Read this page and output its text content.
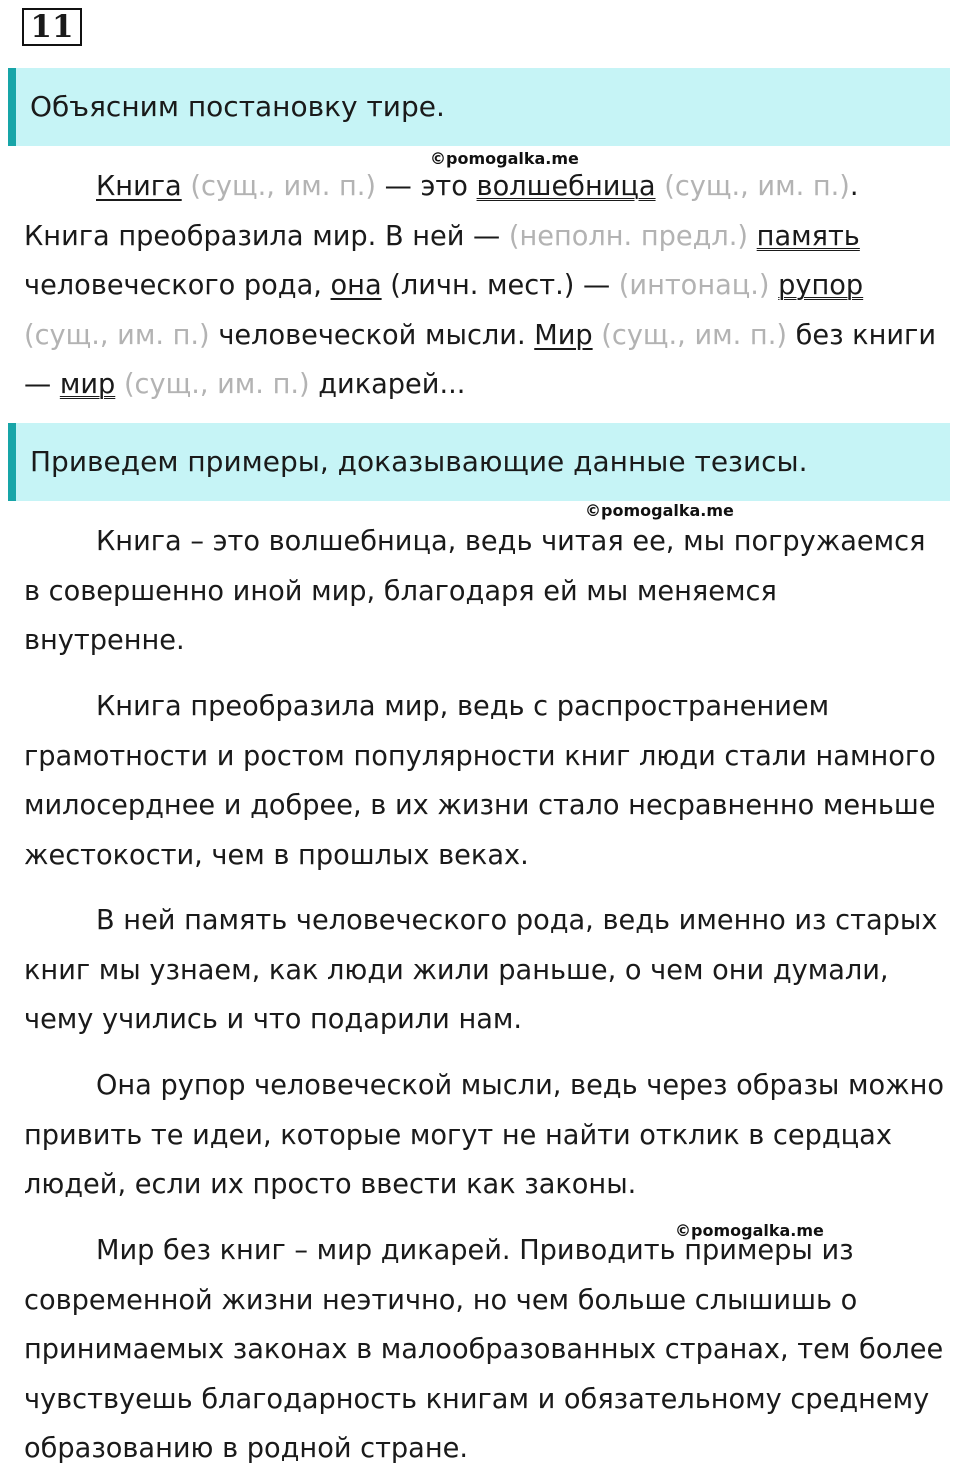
11
Объясним постановку тире.
©pomogalka.me

Книга (сущ., им. п.) — это волшебница (сущ., им. п.). Книга преобразила мир. В ней — (неполн. предл.) память человеческого рода, она (личн. мест.) — (интонац.) рупор (сущ., им. п.) человеческой мысли. Мир (сущ., им. п.) без книги — мир (сущ., им. п.) дикарей...

Приведем примеры, доказывающие данные тезисы.
©pomogalka.me

Книга – это волшебница, ведь читая ее, мы погружаемся в совершенно иной мир, благодаря ей мы меняемся внутренне.

Книга преобразила мир, ведь с распространением грамотности и ростом популярности книг люди стали намного милосерднее и добрее, в их жизни стало несравненно меньше жестокости, чем в прошлых веках.

В ней память человеческого рода, ведь именно из старых книг мы узнаем, как люди жили раньше, о чем они думали, чему учились и что подарили нам.

Она рупор человеческой мысли, ведь через образы можно привить те идеи, которые могут не найти отклик в сердцах людей, если их просто ввести как законы.

©pomogalka.me

Мир без книг – мир дикарей. Приводить примеры из современной жизни неэтично, но чем больше слышишь о принимаемых законах в малообразованных странах, тем более чувствуешь благодарность книгам и обязательному среднему образованию в родной стране.
